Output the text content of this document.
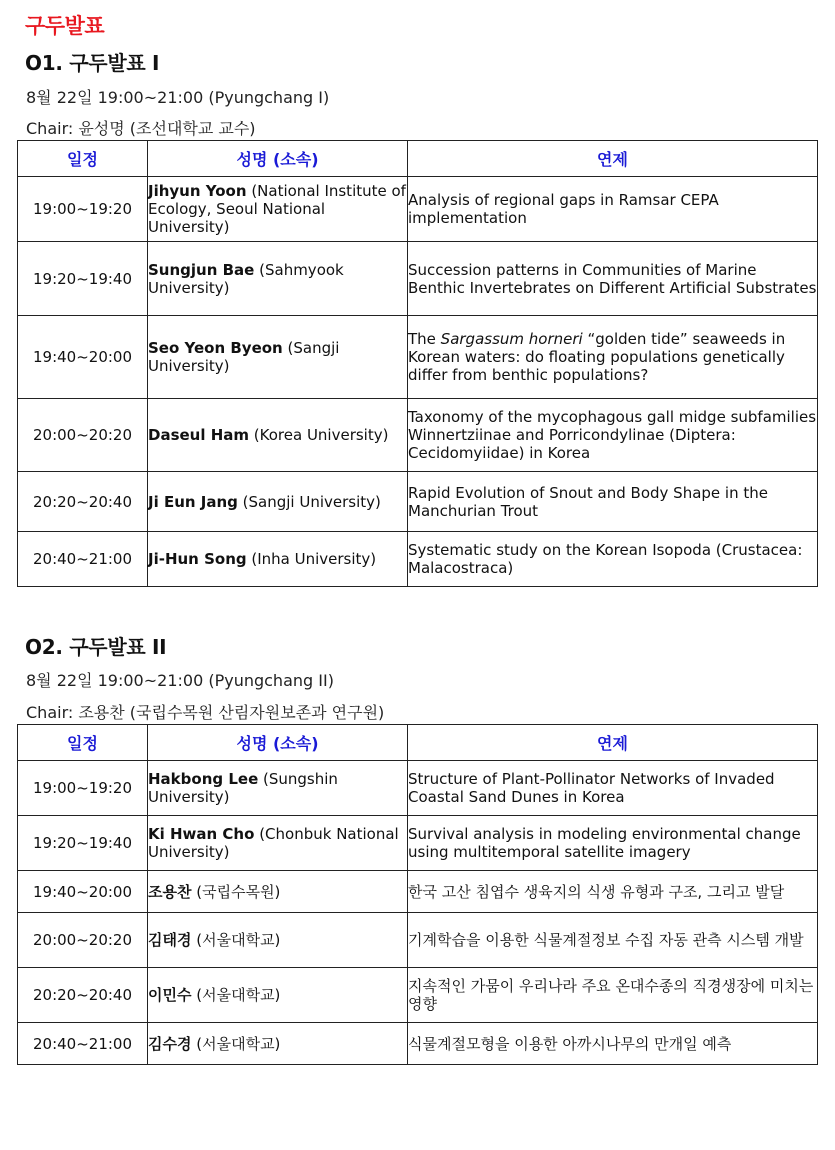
구두발표
O1. 구두발표 I

8월 22일 19:00~21:00 (Pyungchang I)

Chair: 윤성명 (조선대학교 교수)

일정	성명 (소속)	연제
19:00~19:20	Jihyun Yoon (National Institute of Ecology, Seoul National University)	Analysis of regional gaps in Ramsar CEPA implementation
19:20~19:40	Sungjun Bae (Sahmyook University)	Succession patterns in Communities of Marine Benthic Invertebrates on Different Artificial Substrates
19:40~20:00	Seo Yeon Byeon (Sangji University)	The Sargassum horneri “golden tide” seaweeds in Korean waters: do floating populations genetically differ from benthic populations?
20:00~20:20	Daseul Ham (Korea University)	Taxonomy of the mycophagous gall midge subfamilies Winnertziinae and Porricondylinae (Diptera: Cecidomyiidae) in Korea
20:20~20:40	Ji Eun Jang (Sangji University)	Rapid Evolution of Snout and Body Shape in the Manchurian Trout
20:40~21:00	Ji-Hun Song (Inha University)	Systematic study on the Korean Isopoda (Crustacea: Malacostraca)
O2. 구두발표 II

8월 22일 19:00~21:00 (Pyungchang II)

Chair: 조용찬 (국립수목원 산림자원보존과 연구원)

일정	성명 (소속)	연제
19:00~19:20	Hakbong Lee (Sungshin University)	Structure of Plant-Pollinator Networks of Invaded Coastal Sand Dunes in Korea
19:20~19:40	Ki Hwan Cho (Chonbuk National University)	Survival analysis in modeling environmental change using multitemporal satellite imagery
19:40~20:00	조용찬 (국립수목원)	한국 고산 침엽수 생육지의 식생 유형과 구조, 그리고 발달
20:00~20:20	김태경 (서울대학교)	기계학습을 이용한 식물계절정보 수집 자동 관측 시스템 개발
20:20~20:40	이민수 (서울대학교)	지속적인 가뭄이 우리나라 주요 온대수종의 직경생장에 미치는 영향
20:40~21:00	김수경 (서울대학교)	식물계절모형을 이용한 아까시나무의 만개일 예측
